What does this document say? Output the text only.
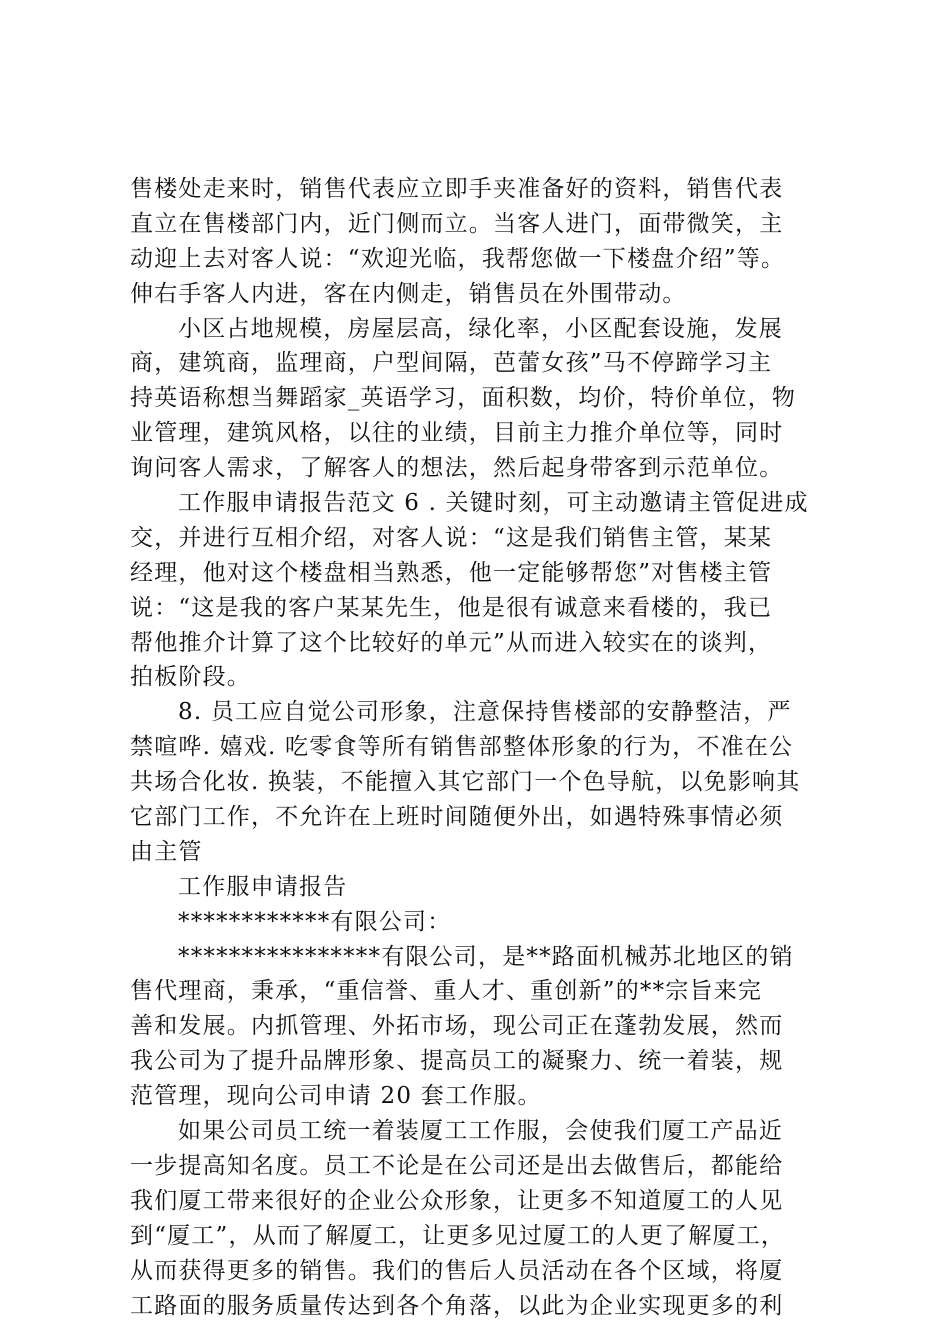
售楼处走来时，销售代表应立即手夹准备好的资料，销售代表
直立在售楼部门内，近门侧而立。当客人进门，面带微笑，主
动迎上去对客人说：“欢迎光临，我帮您做一下楼盘介绍”等。
伸右手客人内进，客在内侧走，销售员在外围带动。
小区占地规模，房屋层高，绿化率，小区配套设施，发展
商，建筑商，监理商，户型间隔，芭蕾女孩”马不停蹄学习主
持英语称想当舞蹈家_英语学习，面积数，均价，特价单位，物
业管理，建筑风格，以往的业绩，目前主力推介单位等，同时
询问客人需求，了解客人的想法，然后起身带客到示范单位。
工作服申请报告范文 6 . 关键时刻，可主动邀请主管促进成
交，并进行互相介绍，对客人说：“这是我们销售主管，某某
经理，他对这个楼盘相当熟悉，他一定能够帮您”对售楼主管
说：“这是我的客户某某先生，他是很有诚意来看楼的，我已
帮他推介计算了这个比较好的单元”从而进入较实在的谈判，
拍板阶段。
8. 员工应自觉公司形象，注意保持售楼部的安静整洁，严
禁喧哗. 嬉戏. 吃零食等所有销售部整体形象的行为，不准在公
共场合化妆. 换装，不能擅入其它部门一个色导航，以免影响其
它部门工作，不允许在上班时间随便外出，如遇特殊事情必须
由主管
工作服申请报告
************有限公司：
****************有限公司，是**路面机械苏北地区的销
售代理商，秉承，“重信誉、重人才、重创新”的**宗旨来完
善和发展。内抓管理、外拓市场，现公司正在蓬勃发展，然而
我公司为了提升品牌形象、提高员工的凝聚力、统一着装，规
范管理，现向公司申请 20 套工作服。
如果公司员工统一着装厦工工作服，会使我们厦工产品近
一步提高知名度。员工不论是在公司还是出去做售后，都能给
我们厦工带来很好的企业公众形象，让更多不知道厦工的人见
到“厦工”，从而了解厦工，让更多见过厦工的人更了解厦工，
从而获得更多的销售。我们的售后人员活动在各个区域，将厦
工路面的服务质量传达到各个角落，以此为企业实现更多的利
